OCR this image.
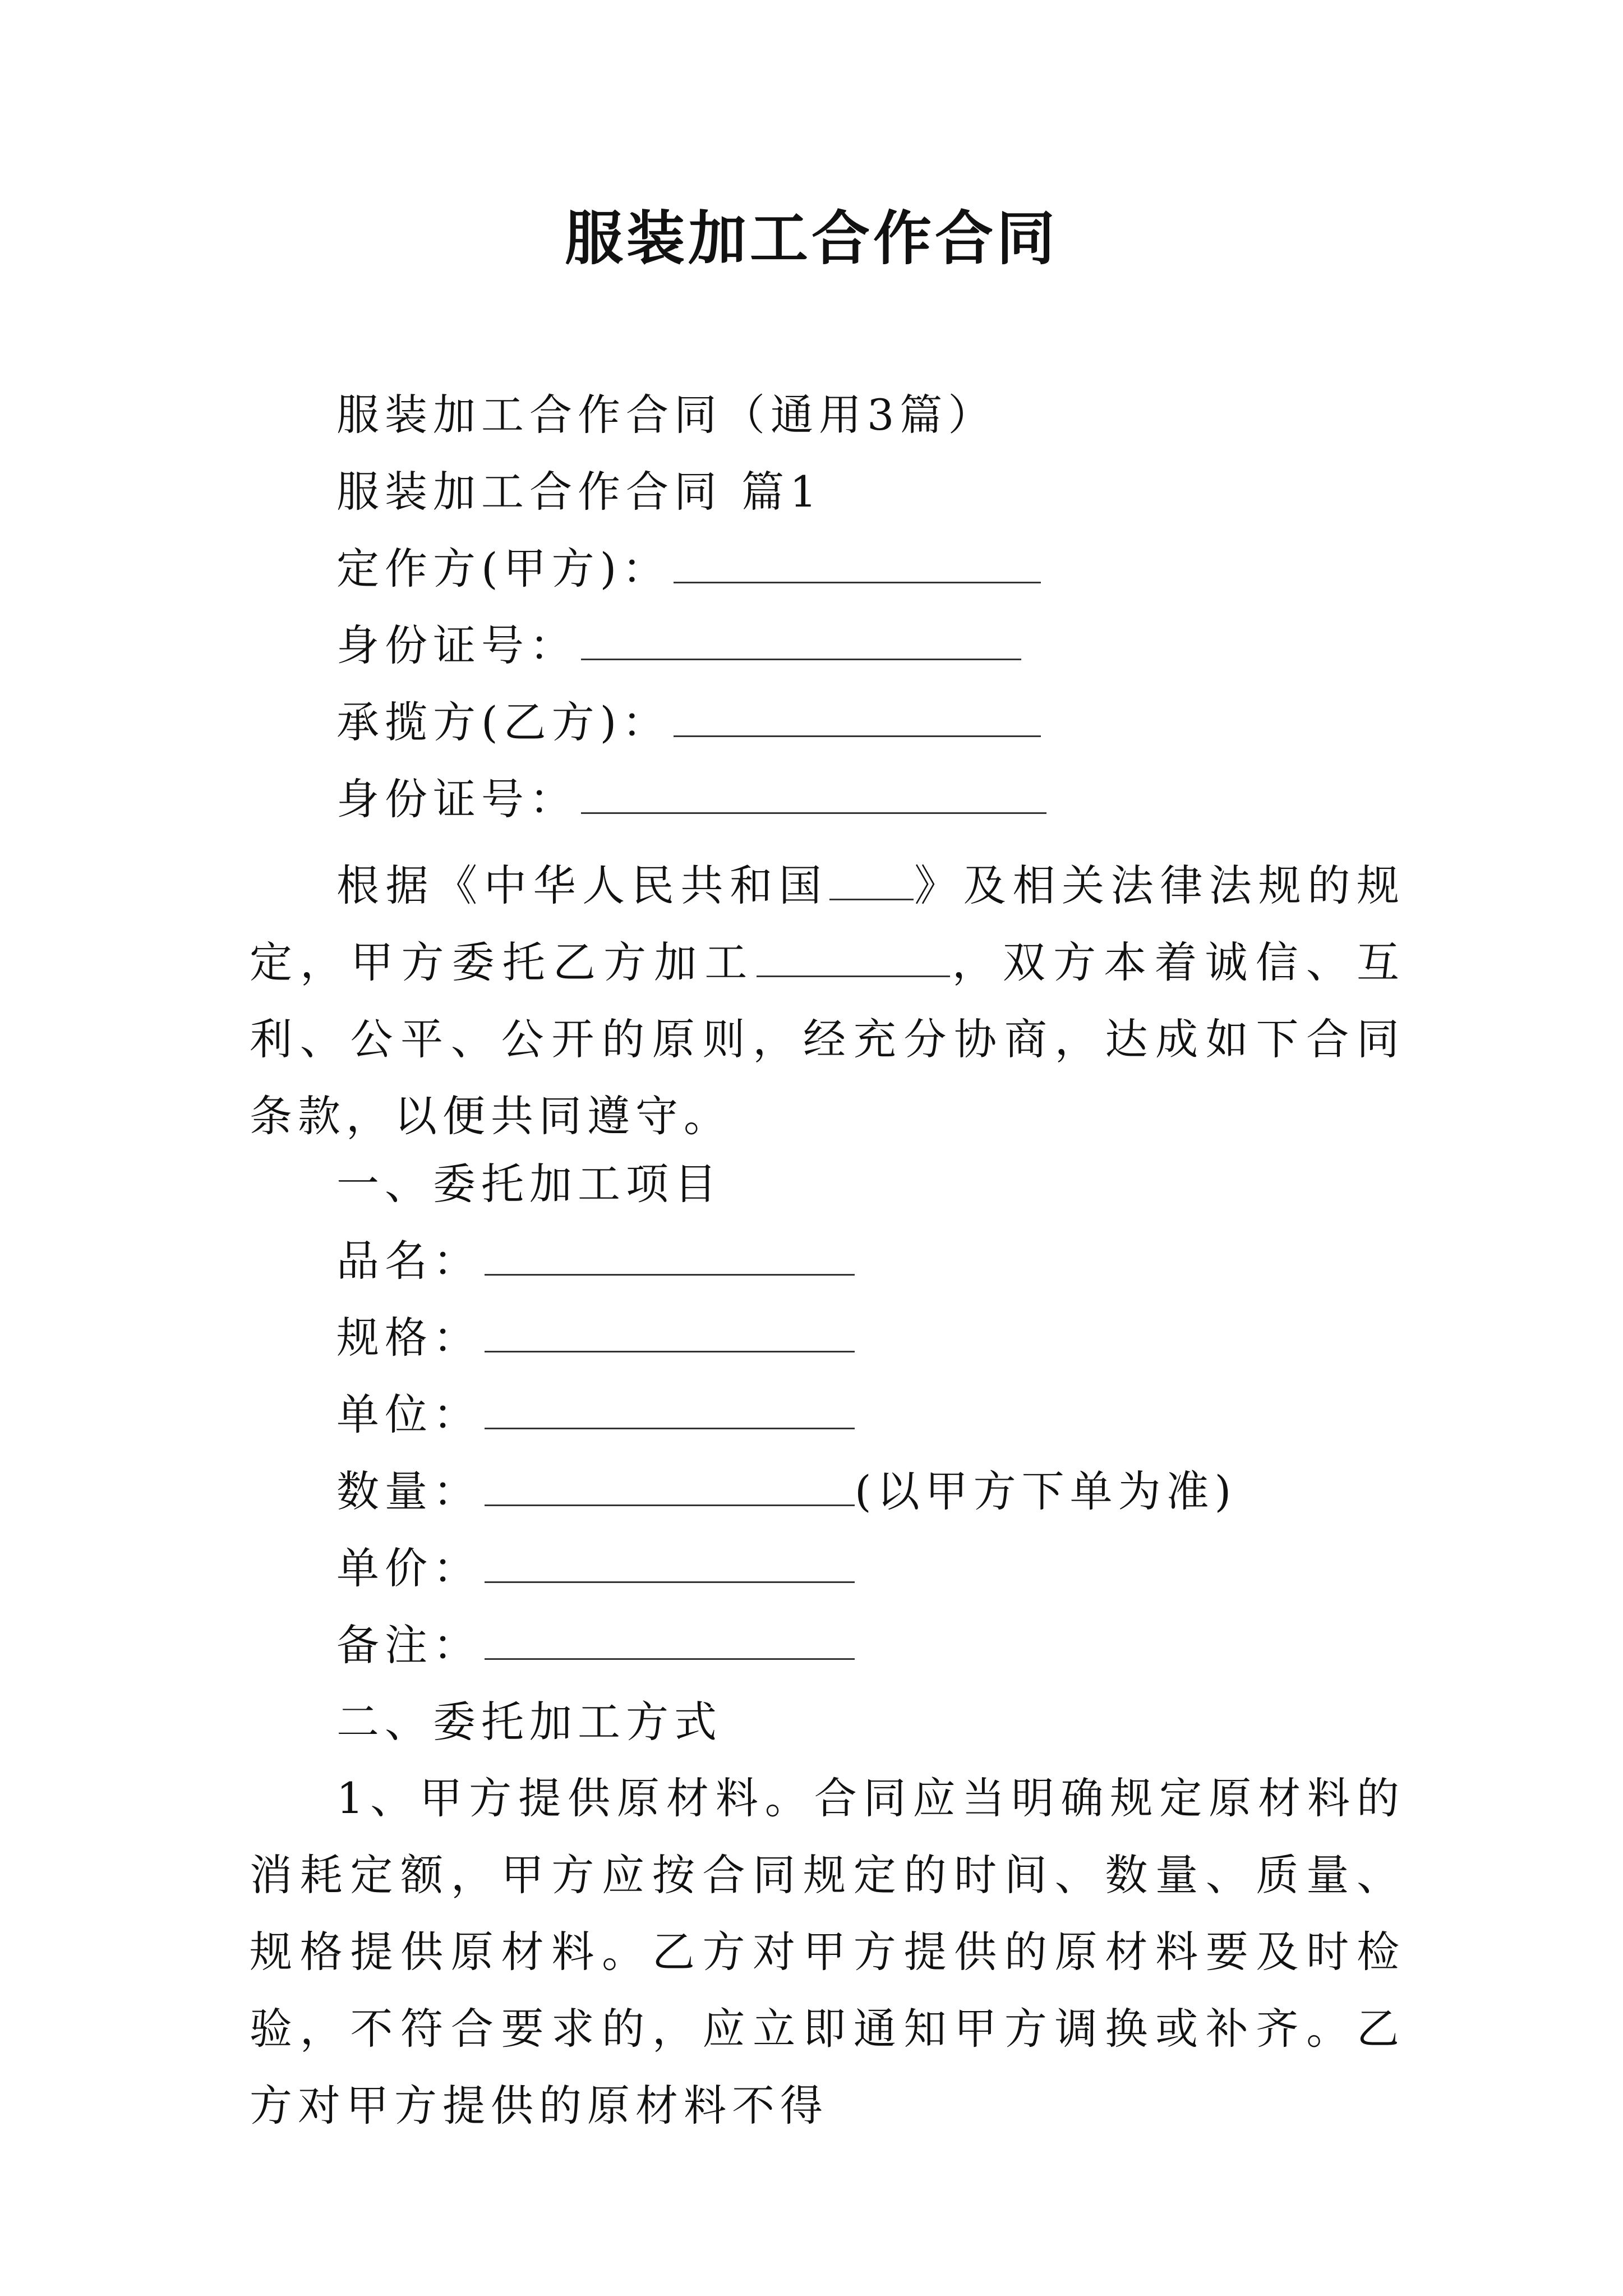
服装加工合作合同
服装加工合作合同（通用3篇）
服装加工合作合同 篇1
定作方(甲方)：
身份证号：
承揽方(乙方)：
身份证号：
根据《中华人民共和国 》及相关法律法规的规定，甲方委托乙方加工	，双方本着诚信、互利、公平、公开的原则，经充分协商，达成如下合同条款，以便共同遵守。
一、委托加工项目
品名：
规格：
单位：
数量：	(以甲方下单为准)
单价：
备注：
二、委托加工方式
1、甲方提供原材料。合同应当明确规定原材料的消耗定额，甲方应按合同规定的时间、数量、质量、规格提供原材料。乙方对甲方提供的原材料要及时检验，不符合要求的，应立即通知甲方调换或补齐。乙方对甲方提供的原材料不得
